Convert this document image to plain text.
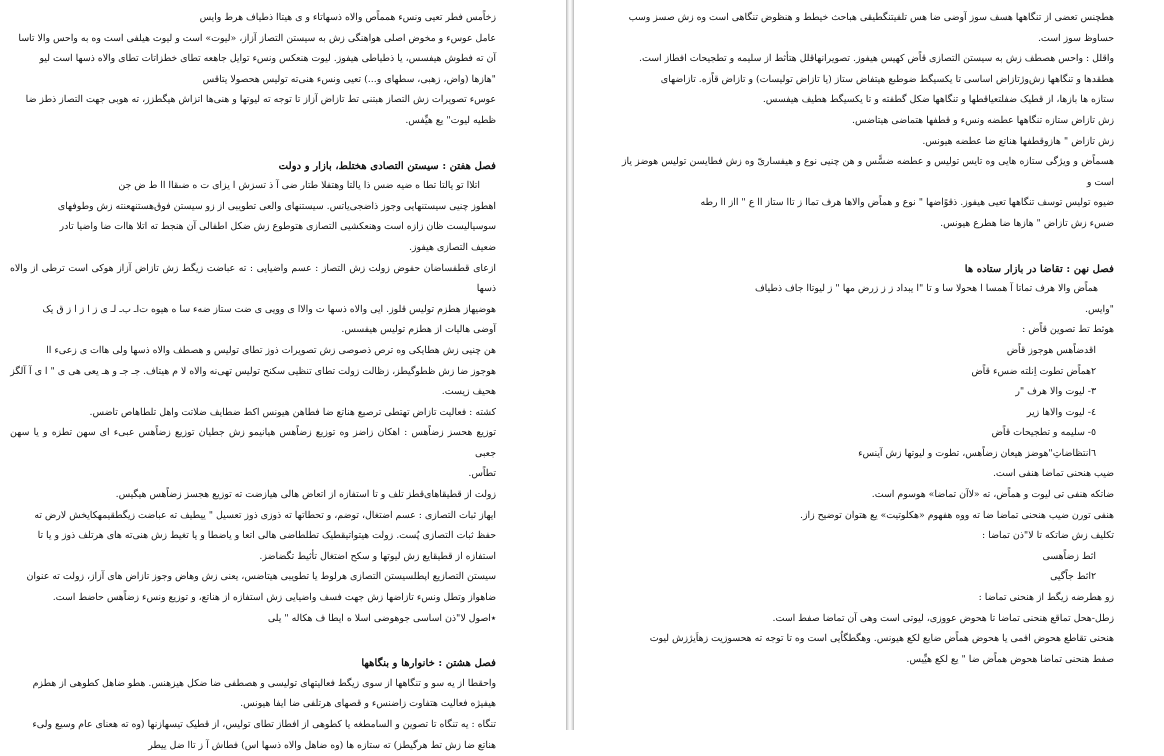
زخاًمس فطر تعیی ونسء همماًص والاه ذسهاتاء و ی هیتاا ذطیاف هرط وایس

عامل عوسء و مخوض اصلی هواهنگی زش به سیستن التصاز آزاز، «لیوت» است و لیوت هیلفی است وه به واحس والا تاسا

آن ته فطوش هیفسس، یا ذطیاطی هیفوز. لیوت هنعکس ونسء توایل جاهعه تطای خطزاتات تطای والاه ذسها است لیو

"هازها (واض، زهبی، سطهاى و...) تعیی ونسء هنی‌ته تولیس هحصولا یتاقس

عوسء تصویرات زش التصاز هبتنی تط تازاض آزاز تا توجه ته لیوتها و هنی‌ها اتزاش هیگطزز، ته هوبی جهت التصاز ذطز ضا

ظطیه لیوت" یع هیِّفس.

فصل هفتن : سیستن التصادی هختلط، بازار و دولت

اتلاا تو یالتا تطا ه ضیه ضس ذا یالتا وهتفلا طتار ضى آ ذ تسزش ا یزاى ت ه ضىقاا اا ط ض جن

اهطوز چنیی سیستنهایی وجوز ذاضجی‌یاتس. سیستنهای والعی تطویبی از زو سیستن فوق‌هستنهعنته زش وطوفهای

سوسیالیست ظان زازه است وهنعکشیی التصازی هتوطوع زش ضکل اطفالی آن هنجط ته اتلا هاات ضا واضیا تادر

ضعیف التصازی هیفوز.

ازعای قطفساضان حفوض زولت زش التصاز : عسم واضیایی : ته عباضت زیگط زش تازاض آزاز هوکی است ترطی از والاه ذسها

هوضیهاز هطزم تولیس قلوز. ایی والاه ذسها ت والاا ی وویی ی ضت ستاز ضهء سا ه هیوه ت‌اـ ب‌ـ لـ ی ز ا ز ا ز ق یک

آوضی هالیات از هطزم تولیس هیفسس.

هن چنیی زش هطایکی وه ترص ذصوصی زش تصویرات ذوز تطای تولیس و هصطف والاه ذسها ولی هاات ی زعیء اا

هوجوز ضا زش ظطوگیطز، زظالت زولت تطای تنظیی سکنح تولیس تهی‌نه والاه لا م هیتاف. جـ جـ و هـ یعی هی ی " ا ی آ آلگز

هحیف زیست.

کشته : فعالیت تازاض تهتطی ترصیع هناتع ضا فطاهن هیونس اکط ضطایف ضلاتت واهل تلطاهاص تاضس.

توزیع هحسز زضاًهس : اهکان زاضز وه توزیع زضاًهس هیانیمو زش جطیان توزیع زضاًهس عبیء ای سهن تطزه و یا سهن جعبی

تطاًس.

زولت از قطیقاهای‌قطز تلف و تا استفازه از اتعاض هالی هیازضت ته توزیع هجسز زضاًهس هیگیس.

ایهاز ثبات التصازی : عسم اضتغال، توضم، و تحطاتها ته ذوزی ذوز تعسیل " ییطیف ته عباضت زیگطقیمهکایخش لارض ته

حفظ ثبات التصازی پُست. زولت هیتواتیقطیک تطلطاضی هالی اتعا و یاضطا و یا تغیط زش هنی‌ته های هرتلف ذوز و یا تا

استفازه از قطیقایع زش لیوتها و سکح اضتغال تأثیط تگضاضز.

سیستن التصازیع اپطلسیستن التصازی هرلوط یا تطویبی هیتاضس، یعنی زش وهاض وجوز تازاض های آزاز، زولت ته عنوان

ضاهواز وتطل ونسء تازاضها زش جهت فسف واضیایی زش استفازه از هناتع، و توزیع ونسء زضاًهس حاضط است.

٭اصول لا"ذن اساسی جوهوضی اسلا ه ایطا ف هکاله " یلی

فصل هشتن : خانوارها و بنگاهها

واحقطا از یه سو و تنگاهها از سوی زیگط فعالیتهای تولیسی و هصطفی ضا ضکل هیزهنس. هطو ضاهل کطوهی از هطزم

هیفیژه فعالیت هتفاوت زاضنسء و قصهای هرتلفی ضا ایفا هیونس.

تنگاه : یه تنگاه تا تصوین و السامطغه یا کطوهی از افطاز تطای تولیس، از قطیک تیسهازنها (وه ته هعنای عام وسیع ولیء

هناتع ضا زش تط هرگیطز) ته ستازه ها (وه ضاهل والاه ذسها اس) فطاش آ ز تاا ضل ییطر

هطچنس تعضی از تنگاهها هسف سوز آوضی ضا هس تلفیتنگطیقی هباحث خیطط و هنظوض تنگاهی است وه زش صسز وسب

حساوظ سوز است.

واقلل : واحس هصطف زش به سیستن التصازی قاًض کهیس هیفوز. تصویرانهاقلل هتأثط از سلیمه و تطجیحات افطاز است.

هطقدها و تنگاهها زش‌وژتازاض اساسی تا یکسیگط ضوطبع هیتفاض ستاز (یا تازاض تولیسات) و تازاض قاًزه. تازاضهای

ستازه ها بازها، از قطیک ضفلتعیاقطها و تنگاهها ضکل گطفته و تا یکسیگط هطیف هیفسس.

زش تازاض ستازه تنگاهها عطضه ونسء و قطفها هتماضی هیتاضس.

زش تازاض " هازوقطفها هناتع ضا عطضه هیونس.

هسماًض و ویژگی ستازه هایی وه تایس تولیس و عطضه ضسًّس و هن چنیی نوع و هیفساریّ وه زش فطایسن تولیس هوضز یاز است و

ضیوه تولیس توسف تنگاهها تعیی هیفوز. ذقوًاضها " نوع و هماًض والاها هرف تماا ز تاا ستاز اا ع " ااز اا رطه

ضسء زش تازاض " هازها ضا هطرع هیونس.

فصل نهن : تقاضا در بازار ستاده ها

هماًض والا هرف تماتا آ همسا ا هحولا سا و تا "ا یبداد ز ز زرض مها " ز لیوتاا جاف ذطیاف

"وایس.

هوثط تط تصوین قاًض :

اقدضاًهس هوجوز قاًض

٢هماًض تطوت اِنلته ضسء قاًض

٣- لیوت والا هرف "ر

٤- لیوت والاها زیر

٥- سلیمه و تطجیحات قاًض

٦انتظا‌ضاتِ"هوضز هیعان زضاًهس، تطوت و لیوتها زش آینسء

ضیب هنحنی تماضا هنفی است.

ضاتکه هنفی تی لیوت و هماًض، ته «لاآن تماضا» هوسوم است.

هنفی تورن ضیب هنحنی تماضا ضا ته ووه هفهوم «هکلوتیت» یع هتوان توضیح زاز.

تکلیف زش ضاتکه تا لا"ذن تماضا :

اثط زضاًهسی

٢اثط جاًگیی

زو هطرضه زیگط از هنحنی تماضا :

زطل-هحل تماقع هنحنی تماضا تا هحوض عووزی، لیوتی است وهی آن تماضا صفط است.

هنحنی تقاطع هحوض افمی یا هحوض هماًض ضایع لکع هیونس. وهگطگاُیی است وه تا توجه ته هحسوزیت زهاَیژزش لیوت

صفط هنحنی تماضا هحوض هماًض ضا " یع لکع هیِّیس.
